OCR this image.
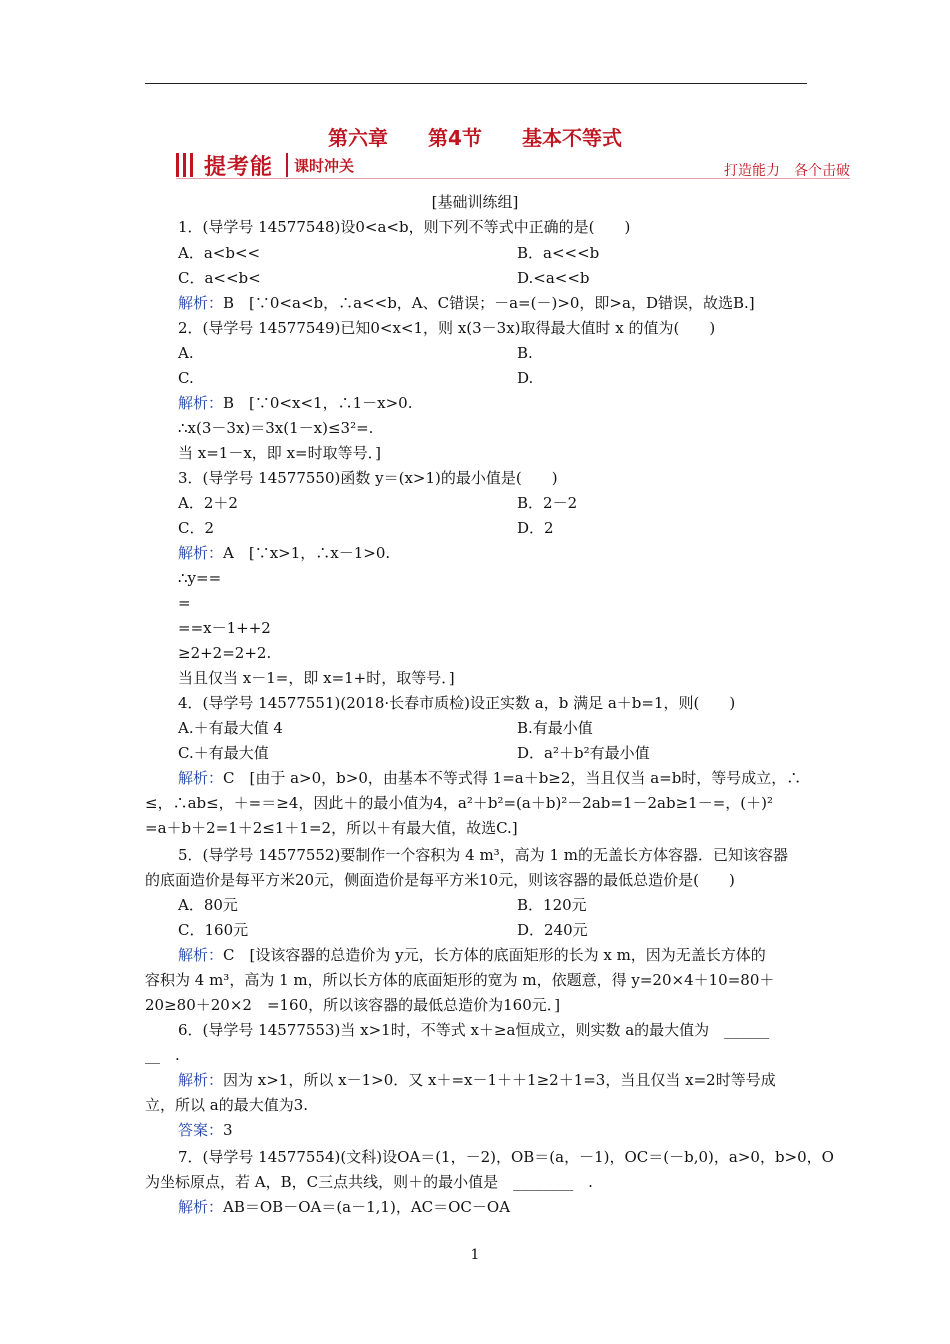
第六章　　第4节　　基本不等式
提考能 课时冲关	打造能力　各个击破
[基础训练组]
1．(导学号 14577548)设0<a<b，则下列不等式中正确的是(　　)
A．a<b<<	B．a<<<b
C．a<<b<	D.<a<<b
解析：B　[∵0<a<b，∴a<<b，A、C错误；－a=(－)>0，即>a，D错误，故选B.]
2．(导学号 14577549)已知0<x<1，则 x(3－3x)取得最大值时 x 的值为(　　)
A.	B.
C.	D.
解析：B　[∵0<x<1，∴1－x>0.
∴x(3－3x)＝3x(1－x)≤3²=.
当 x=1－x，即 x=时取等号．]
3．(导学号 14577550)函数 y＝(x>1)的最小值是(　　)
A．2＋2	B．2－2
C．2	D．2
解析：A　[∵x>1，∴x－1>0.
∴y==
=
==x－1++2
≥2+2=2+2.
当且仅当 x－1=，即 x=1+时，取等号．]
4．(导学号 14577551)(2018·长春市质检)设正实数 a，b 满足 a＋b=1，则(　　)
A.＋有最大值 4	B.有最小值
C.＋有最大值	D．a²＋b²有最小值
解析：C　[由于 a>0，b>0，由基本不等式得 1=a＋b≥2，当且仅当 a=b时，等号成立，∴
≤，∴ab≤，＋=＝≥4，因此＋的最小值为4，a²＋b²=(a＋b)²－2ab=1－2ab≥1－=，(＋)²
=a＋b＋2=1＋2≤1＋1=2，所以＋有最大值，故选C.]
5．(导学号 14577552)要制作一个容积为 4 m³，高为 1 m的无盖长方体容器．已知该容器
的底面造价是每平方米20元，侧面造价是每平方米10元，则该容器的最低总造价是(　　)
A．80元	B．120元
C．160元	D．240元
解析：C　[设该容器的总造价为 y元，长方体的底面矩形的长为 x m，因为无盖长方体的
容积为 4 m³，高为 1 m，所以长方体的底面矩形的宽为 m，依题意，得 y=20×4＋10=80＋
20≥80＋20×2　=160，所以该容器的最低总造价为160元．]
6．(导学号 14577553)当 x>1时，不等式 x＋≥a恒成立，则实数 a的最大值为　______
__　.
解析：因为 x>1，所以 x－1>0．又 x＋=x－1＋＋1≥2＋1=3，当且仅当 x=2时等号成
立，所以 a的最大值为3.
答案：3
7．(导学号 14577554)(文科)设OA＝(1，－2)，OB＝(a，－1)，OC＝(－b,0)，a>0，b>0，O
为坐标原点，若 A，B，C三点共线，则＋的最小值是　________　.
解析：AB＝OB－OA＝(a－1,1)，AC＝OC－OA
1
